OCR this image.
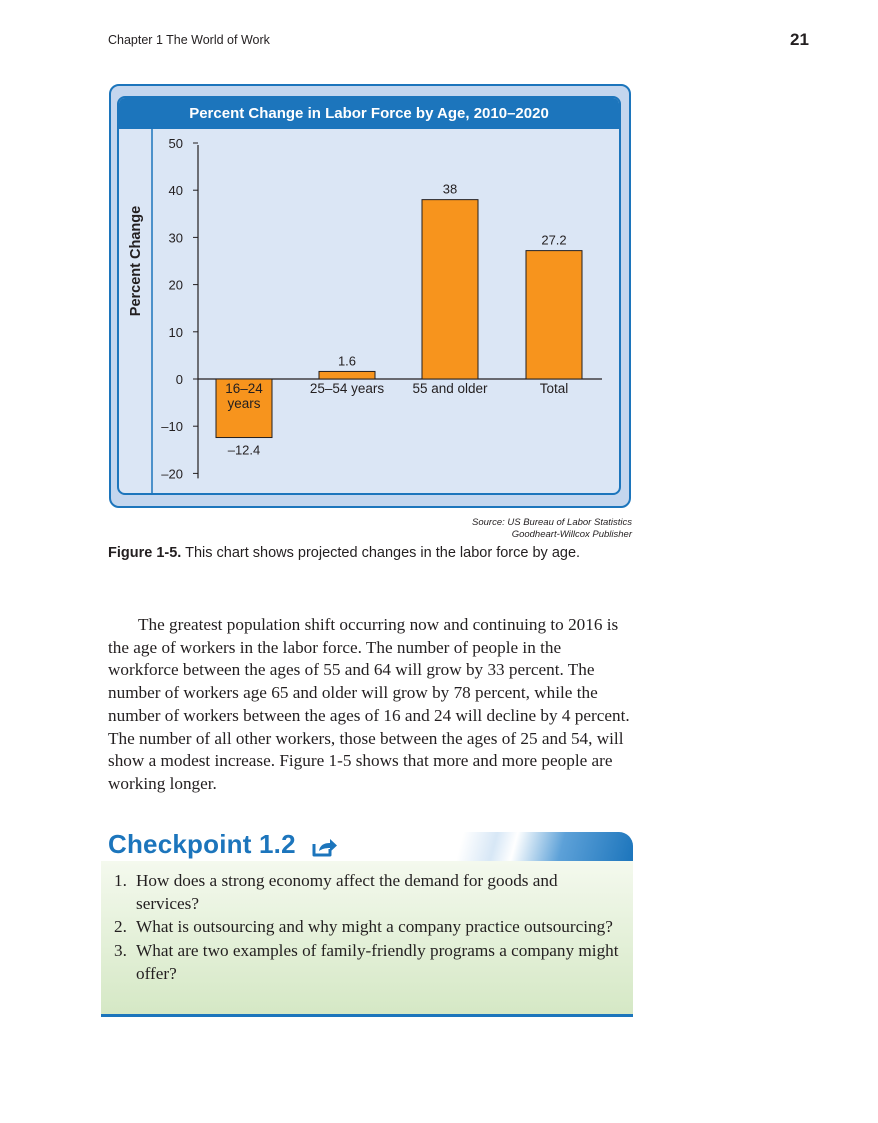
Chapter 1 The World of Work	21
Percent Change in Labor Force by Age, 2010–2020
Percent Change
50
40
30
20
10
0
–10
–20
–12.4
16–24
years
1.6
25–54 years
38
55 and older
27.2
Total
Source: US Bureau of Labor Statistics
Goodheart-Willcox Publisher
Figure 1-5. This chart shows projected changes in the labor force by age.

The greatest population shift occurring now and continuing to 2016 is the age of workers in the labor force. The number of people in the workforce between the ages of 55 and 64 will grow by 33 percent. The number of workers age 65 and older will grow by 78 percent, while the number of workers between the ages of 16 and 24 will decline by 4 percent. The number of all other workers, those between the ages of 25 and 54, will show a modest increase. Figure 1-5 shows that more and more people are working longer.

Checkpoint 1.2
1. How does a strong economy affect the demand for goods and services?
2. What is outsourcing and why might a company practice outsourcing?
3. What are two examples of family-friendly programs a company might offer?
